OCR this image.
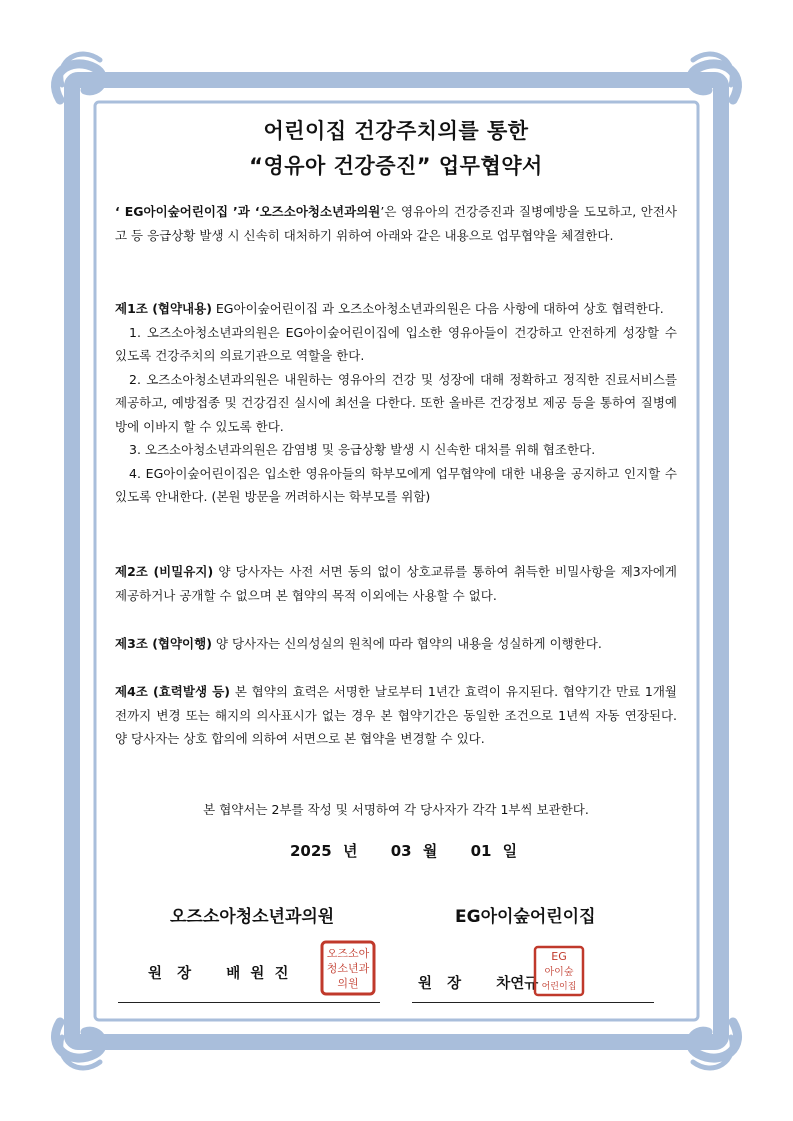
어린이집 건강주치의를 통한
“영유아 건강증진” 업무협약서
‘ EG아이숲어린이집 ’과 ‘오즈소아청소년과의원’은 영유아의 건강증진과 질병예방을 도모하고, 안전사고 등 응급상황 발생 시 신속히 대처하기 위하여 아래와 같은 내용으로 업무협약을 체결한다.
제1조 (협약내용) EG아이숲어린이집 과 오즈소아청소년과의원은 다음 사항에 대하여 상호 협력한다.
1. 오즈소아청소년과의원은 EG아이숲어린이집에 입소한 영유아들이 건강하고 안전하게 성장할 수 있도록 건강주치의 의료기관으로 역할을 한다.
2. 오즈소아청소년과의원은 내원하는 영유아의 건강 및 성장에 대해 정확하고 정직한 진료서비스를 제공하고, 예방접종 및 건강검진 실시에 최선을 다한다. 또한 올바른 건강정보 제공 등을 통하여 질병예방에 이바지 할 수 있도록 한다.
3. 오즈소아청소년과의원은 감염병 및 응급상황 발생 시 신속한 대처를 위해 협조한다.
4. EG아이숲어린이집은 입소한 영유아들의 학부모에게 업무협약에 대한 내용을 공지하고 인지할 수 있도록 안내한다. (본원 방문을 꺼려하시는 학부모를 위함)
제2조 (비밀유지) 양 당사자는 사전 서면 동의 없이 상호교류를 통하여 취득한 비밀사항을 제3자에게 제공하거나 공개할 수 없으며 본 협약의 목적 이외에는 사용할 수 없다.
제3조 (협약이행) 양 당사자는 신의성실의 원칙에 따라 협약의 내용을 성실하게 이행한다.
제4조 (효력발생 등) 본 협약의 효력은 서명한 날로부터 1년간 효력이 유지된다. 협약기간 만료 1개월 전까지 변경 또는 해지의 의사표시가 없는 경우 본 협약기간은 동일한 조건으로 1년씩 자동 연장된다. 양 당사자는 상호 합의에 의하여 서면으로 본 협약을 변경할 수 있다.
본 협약서는 2부를 작성 및 서명하여 각 당사자가 각각 1부씩 보관한다.
2025 년 03 월 01 일
오즈소아청소년과의원	EG아이숲어린이집
원   장 배  원  진
오즈소아
청소년과
의원	원   장 차연규
EG
아이숲
어린이집
